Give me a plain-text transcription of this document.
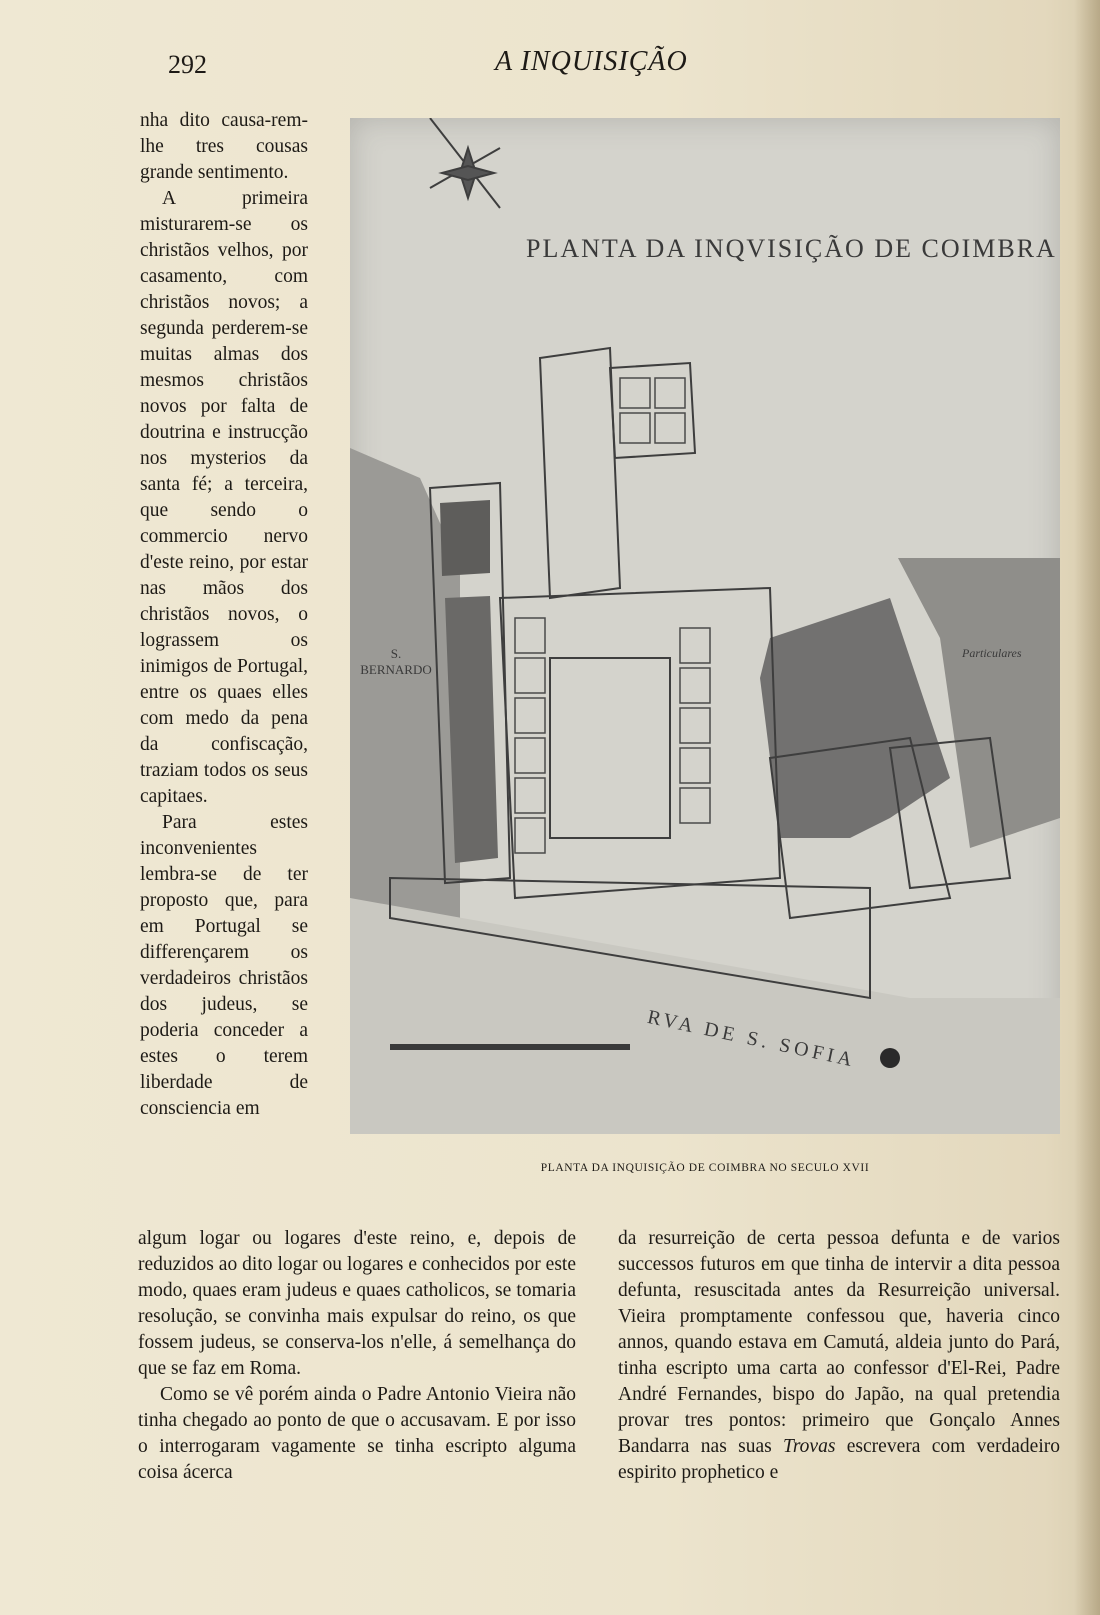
292	A INQUISIÇÃO

nha dito causa-rem-lhe tres cousas grande sentimento.

A primeira misturarem-se os christãos velhos, por casamento, com christãos novos; a segunda perderem-se muitas almas dos mesmos christãos novos por falta de doutrina e instrucção nos mysterios da santa fé; a terceira, que sendo o commercio nervo d'este reino, por estar nas mãos dos christãos novos, o lograssem os inimigos de Portugal, entre os quaes elles com medo da pena da confiscação, traziam todos os seus capitaes.

Para estes inconvenientes lembra-se de ter proposto que, para em Portugal se differençarem os verdadeiros christãos dos judeus, se poderia conceder a estes o terem liberdade de consciencia em

PLANTA DA INQVISIÇÃO DE COIMBRA
S. BERNARDO
Particulares
RVA DE S. SOFIA
PLANTA DA INQUISIÇÃO DE COIMBRA NO SECULO XVII

algum logar ou logares d'este reino, e, depois de reduzidos ao dito logar ou logares e conhecidos por este modo, quaes eram judeus e quaes catholicos, se tomaria resolução, se convinha mais expulsar do reino, os que fossem judeus, se conserva-los n'elle, á semelhança do que se faz em Roma.

Como se vê porém ainda o Padre Antonio Vieira não tinha chegado ao ponto de que o accusavam. E por isso o interrogaram vagamente se tinha escripto alguma coisa ácerca

da resurreição de certa pessoa defunta e de varios successos futuros em que tinha de intervir a dita pessoa defunta, resuscitada antes da Resurreição universal. Vieira promptamente confessou que, haveria cinco annos, quando estava em Camutá, aldeia junto do Pará, tinha escripto uma carta ao confessor d'El-Rei, Padre André Fernandes, bispo do Japão, na qual pretendia provar tres pontos: primeiro que Gonçalo Annes Bandarra nas suas Trovas escrevera com verdadeiro espirito prophetico e
